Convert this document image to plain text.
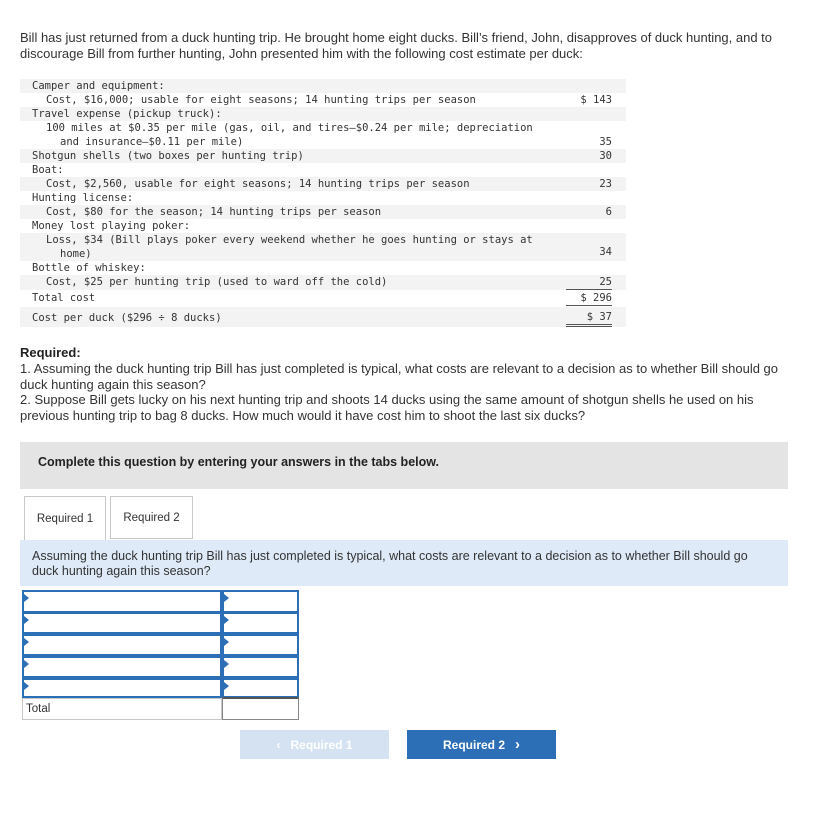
Bill has just returned from a duck hunting trip. He brought home eight ducks. Bill’s friend, John, disapproves of duck hunting, and to discourage Bill from further hunting, John presented him with the following cost estimate per duck:
Camper and equipment:
Cost, $16,000; usable for eight seasons; 14 hunting trips per season	$ 143
Travel expense (pickup truck):
100 miles at $0.35 per mile (gas, oil, and tires—$0.24 per mile; depreciation
and insurance—$0.11 per mile)	35
Shotgun shells (two boxes per hunting trip)	30
Boat:
Cost, $2,560, usable for eight seasons; 14 hunting trips per season	23
Hunting license:
Cost, $80 for the season; 14 hunting trips per season	6
Money lost playing poker:
Loss, $34 (Bill plays poker every weekend whether he goes hunting or stays at
home)	34
Bottle of whiskey:
Cost, $25 per hunting trip (used to ward off the cold)	25
Total cost	$ 296
Cost per duck ($296 ÷ 8 ducks)	$ 37
Required:
1. Assuming the duck hunting trip Bill has just completed is typical, what costs are relevant to a decision as to whether Bill should go duck hunting again this season?
2. Suppose Bill gets lucky on his next hunting trip and shoots 14 ducks using the same amount of shotgun shells he used on his previous hunting trip to bag 8 ducks. How much would it have cost him to shoot the last six ducks?
Complete this question by entering your answers in the tabs below.
Required 1	Required 2
Assuming the duck hunting trip Bill has just completed is typical, what costs are relevant to a decision as to whether Bill should go duck hunting again this season?
Total
‹ Required 1	Required 2 ›
